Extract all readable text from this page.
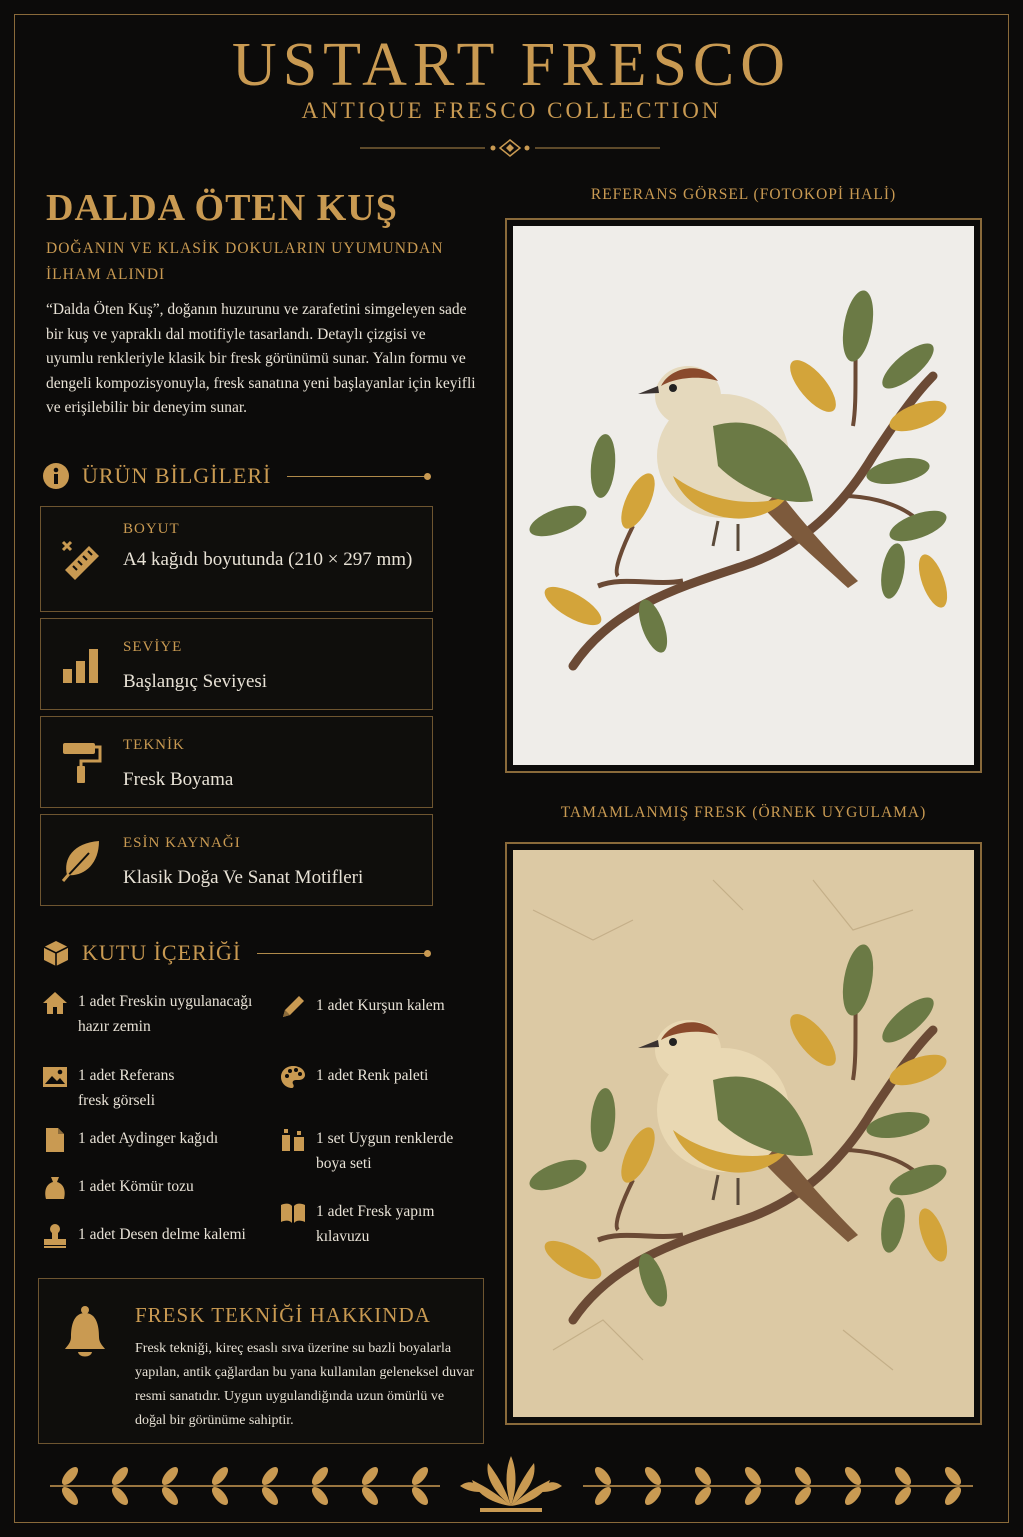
USTART FRESCO
ANTIQUE FRESCO COLLECTION
DALDA ÖTEN KUŞ
DOĞANIN VE KLASİK DOKULARIN UYUMUNDAN İLHAM ALINDI

“Dalda Öten Kuş”, doğanın huzurunu ve zarafetini simgeleyen sade bir kuş ve yapraklı dal motifiyle tasarlandı. Detaylı çizgisi ve uyumlu renkleriyle klasik bir fresk görünümü sunar. Yalın formu ve dengeli kompozisyonuyla, fresk sanatına yeni başlayanlar için keyifli ve erişilebilir bir deneyim sunar.

ÜRÜN BİLGİLERİ
BOYUT
A4 kağıdı boyutunda (210 × 297 mm)
SEVİYE
Başlangıç Seviyesi
TEKNİK
Fresk Boyama
ESİN KAYNAĞI
Klasik Doğa Ve Sanat Motifleri
KUTU İÇERİĞİ
1 adet Freskin uygulanacağı hazır zemin
1 adet Referans fresk görseli
1 adet Aydinger kağıdı
1 adet Kömür tozu
1 adet Desen delme kalemi
1 adet Kurşun kalem
1 adet Renk paleti
1 set Uygun renklerde boya seti
1 adet Fresk yapım kılavuzu
FRESK TEKNİĞİ HAKKINDA
Fresk tekniği, kireç esaslı sıva üzerine su bazli boyalarla yapılan, antik çağlardan bu yana kullanılan geleneksel duvar resmi sanatıdır. Uygun uygulandiğında uzun ömürlü ve doğal bir görünüme sahiptir.
REFERANS GÖRSEL (FOTOKOPİ HALİ)
TAMAMLANMIŞ FRESK (ÖRNEK UYGULAMA)
